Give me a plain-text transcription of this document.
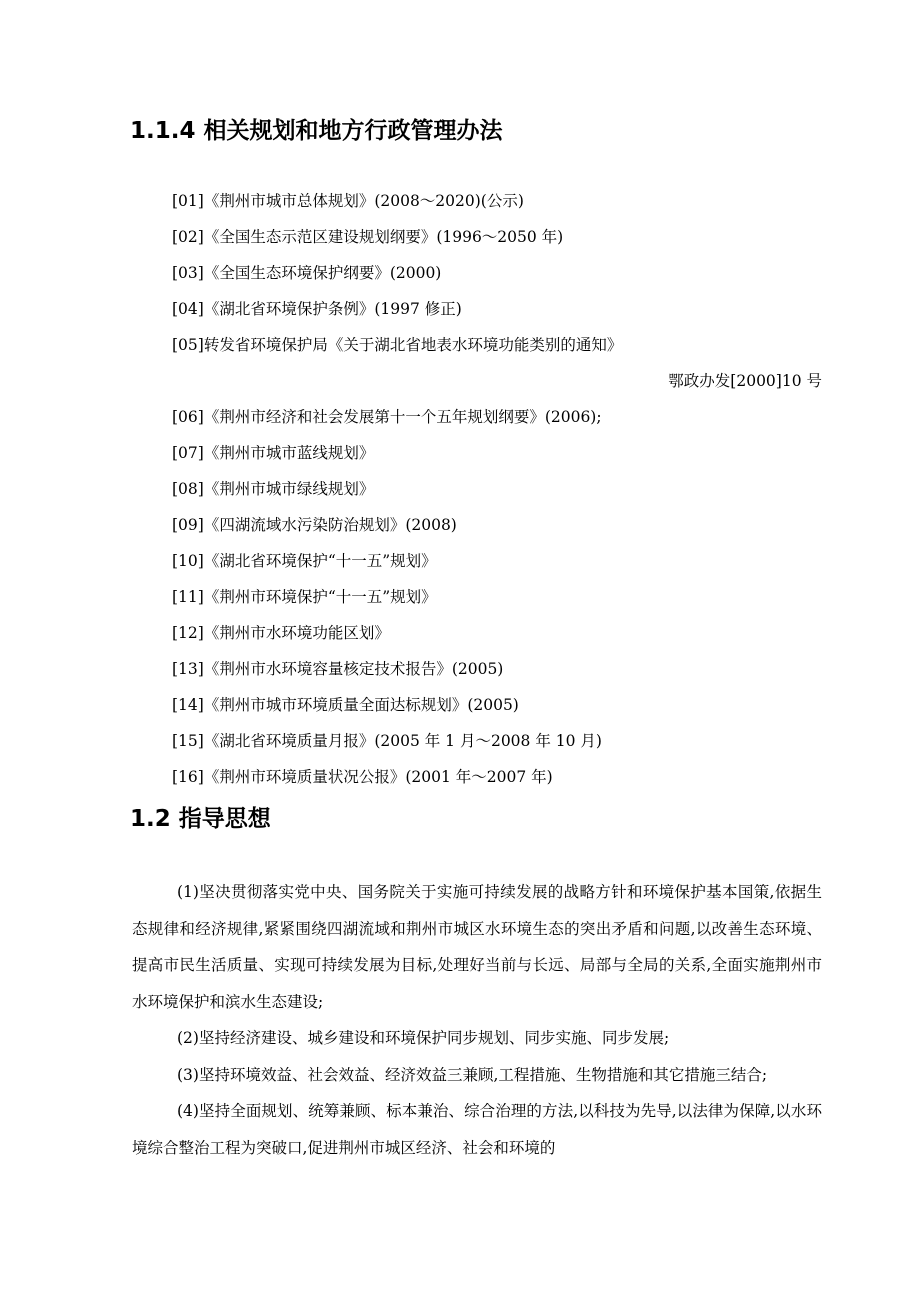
1.1.4 相关规划和地方行政管理办法
[01]《荆州市城市总体规划》(2008～2020)(公示)
[02]《全国生态示范区建设规划纲要》(1996～2050 年)
[03]《全国生态环境保护纲要》(2000)
[04]《湖北省环境保护条例》(1997 修正)
[05]转发省环境保护局《关于湖北省地表水环境功能类别的通知》
鄂政办发[2000]10 号
[06]《荆州市经济和社会发展第十一个五年规划纲要》(2006);
[07]《荆州市城市蓝线规划》
[08]《荆州市城市绿线规划》
[09]《四湖流域水污染防治规划》(2008)
[10]《湖北省环境保护“十一五”规划》
[11]《荆州市环境保护“十一五”规划》
[12]《荆州市水环境功能区划》
[13]《荆州市水环境容量核定技术报告》(2005)
[14]《荆州市城市环境质量全面达标规划》(2005)
[15]《湖北省环境质量月报》(2005 年 1 月～2008 年 10 月)
[16]《荆州市环境质量状况公报》(2001 年～2007 年)
1.2 指导思想

(1)坚决贯彻落实党中央、国务院关于实施可持续发展的战略方针和环境保护基本国策,依据生态规律和经济规律,紧紧围绕四湖流域和荆州市城区水环境生态的突出矛盾和问题,以改善生态环境、提高市民生活质量、实现可持续发展为目标,处理好当前与长远、局部与全局的关系,全面实施荆州市水环境保护和滨水生态建设;

(2)坚持经济建设、城乡建设和环境保护同步规划、同步实施、同步发展;

(3)坚持环境效益、社会效益、经济效益三兼顾,工程措施、生物措施和其它措施三结合;

(4)坚持全面规划、统筹兼顾、标本兼治、综合治理的方法,以科技为先导,以法律为保障,以水环境综合整治工程为突破口,促进荆州市城区经济、社会和环境的
